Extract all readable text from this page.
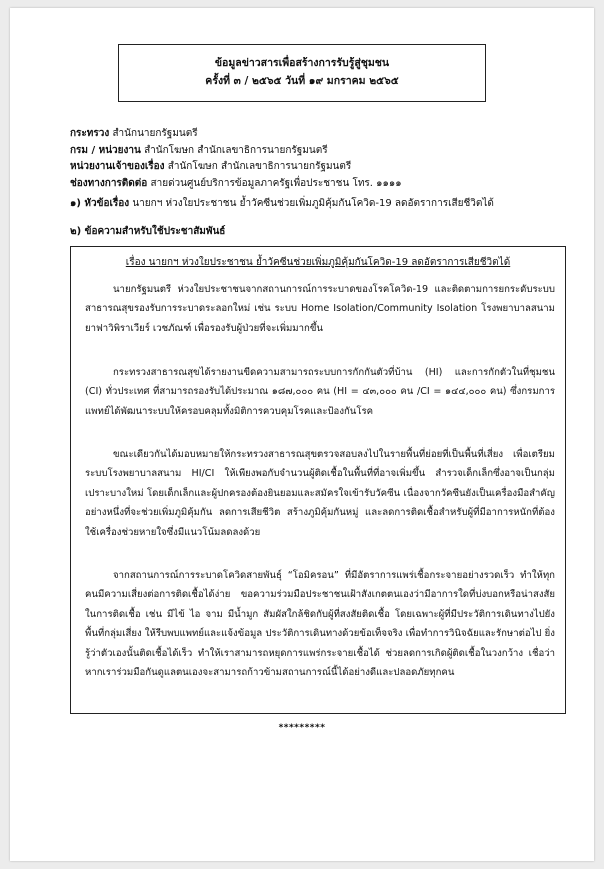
ข้อมูลข่าวสารเพื่อสร้างการรับรู้สู่ชุมชน
ครั้งที่ ๓ / ๒๕๖๕ วันที่ ๑๙ มกราคม ๒๕๖๕
กระทรวง สำนักนายกรัฐมนตรี
กรม / หน่วยงาน สำนักโฆษก สำนักเลขาธิการนายกรัฐมนตรี
หน่วยงานเจ้าของเรื่อง สำนักโฆษก สำนักเลขาธิการนายกรัฐมนตรี
ช่องทางการติดต่อ สายด่วนศูนย์บริการข้อมูลภาครัฐเพื่อประชาชน โทร. ๑๑๑๑
๑) หัวข้อเรื่อง นายกฯ ห่วงใยประชาชน ย้ำวัคซีนช่วยเพิ่มภูมิคุ้มกันโควิด-19 ลดอัตราการเสียชีวิตได้
๒) ข้อความสำหรับใช้ประชาสัมพันธ์
เรื่อง นายกฯ ห่วงใยประชาชน ย้ำวัคซีนช่วยเพิ่มภูมิคุ้มกันโควิด-19 ลดอัตราการเสียชีวิตได้
นายกรัฐมนตรี ห่วงใยประชาชนจากสถานการณ์การระบาดของโรคโควิด-19 และติดตามการยกระดับระบบสาธารณสุขรองรับการระบาดระลอกใหม่ เช่น ระบบ Home Isolation/Community Isolation โรงพยาบาลสนาม ยาฟาวิพิราเวียร์ เวชภัณฑ์ เพื่อรองรับผู้ป่วยที่จะเพิ่มมากขึ้น
กระทรวงสาธารณสุขได้รายงานขีดความสามารถระบบการกักกันตัวที่บ้าน (HI) และการกักตัวในที่ชุมชน (CI) ทั่วประเทศ ที่สามารถรองรับได้ประมาณ ๑๘๗,๐๐๐ คน (HI = ๔๓,๐๐๐ คน /CI = ๑๔๔,๐๐๐ คน) ซึ่งกรมการแพทย์ได้พัฒนาระบบให้ครอบคลุมทั้งมิติการควบคุมโรคและป้องกันโรค
ขณะเดียวกันได้มอบหมายให้กระทรวงสาธารณสุขตรวจสอบลงไปในรายพื้นที่ย่อยที่เป็นพื้นที่เสี่ยง เพื่อเตรียมระบบโรงพยาบาลสนาม HI/CI ให้เพียงพอกับจำนวนผู้ติดเชื้อในพื้นที่ที่อาจเพิ่มขึ้น สำรวจเด็กเล็กซึ่งอาจเป็นกลุ่มเปราะบางใหม่ โดยเด็กเล็กและผู้ปกครองต้องยินยอมและสมัครใจเข้ารับวัคซีน เนื่องจากวัคซีนยังเป็นเครื่องมือสำคัญอย่างหนึ่งที่จะช่วยเพิ่มภูมิคุ้มกัน ลดการเสียชีวิต สร้างภูมิคุ้มกันหมู่ และลดการติดเชื้อสำหรับผู้ที่มีอาการหนักที่ต้องใช้เครื่องช่วยหายใจซึ่งมีแนวโน้มลดลงด้วย
จากสถานการณ์การระบาดโควิดสายพันธุ์ “โอมิครอน” ที่มีอัตราการแพร่เชื้อกระจายอย่างรวดเร็ว ทำให้ทุกคนมีความเสี่ยงต่อการติดเชื้อได้ง่าย ขอความร่วมมือประชาชนเฝ้าสังเกตตนเองว่ามีอาการใดที่บ่งบอกหรือน่าสงสัยในการติดเชื้อ เช่น มีไข้ ไอ จาม มีน้ำมูก สัมผัสใกล้ชิดกับผู้ที่สงสัยติดเชื้อ โดยเฉพาะผู้ที่มีประวัติการเดินทางไปยังพื้นที่กลุ่มเสี่ยง ให้รีบพบแพทย์และแจ้งข้อมูล ประวัติการเดินทางด้วยข้อเท็จจริง เพื่อทำการวินิจฉัยและรักษาต่อไป ยิ่งรู้ว่าตัวเองนั้นติดเชื้อได้เร็ว ทำให้เราสามารถหยุดการแพร่กระจายเชื้อได้ ช่วยลดการเกิดผู้ติดเชื้อในวงกว้าง เชื่อว่าหากเราร่วมมือกันดูแลตนเองจะสามารถก้าวข้ามสถานการณ์นี้ได้อย่างดีและปลอดภัยทุกคน
*********
